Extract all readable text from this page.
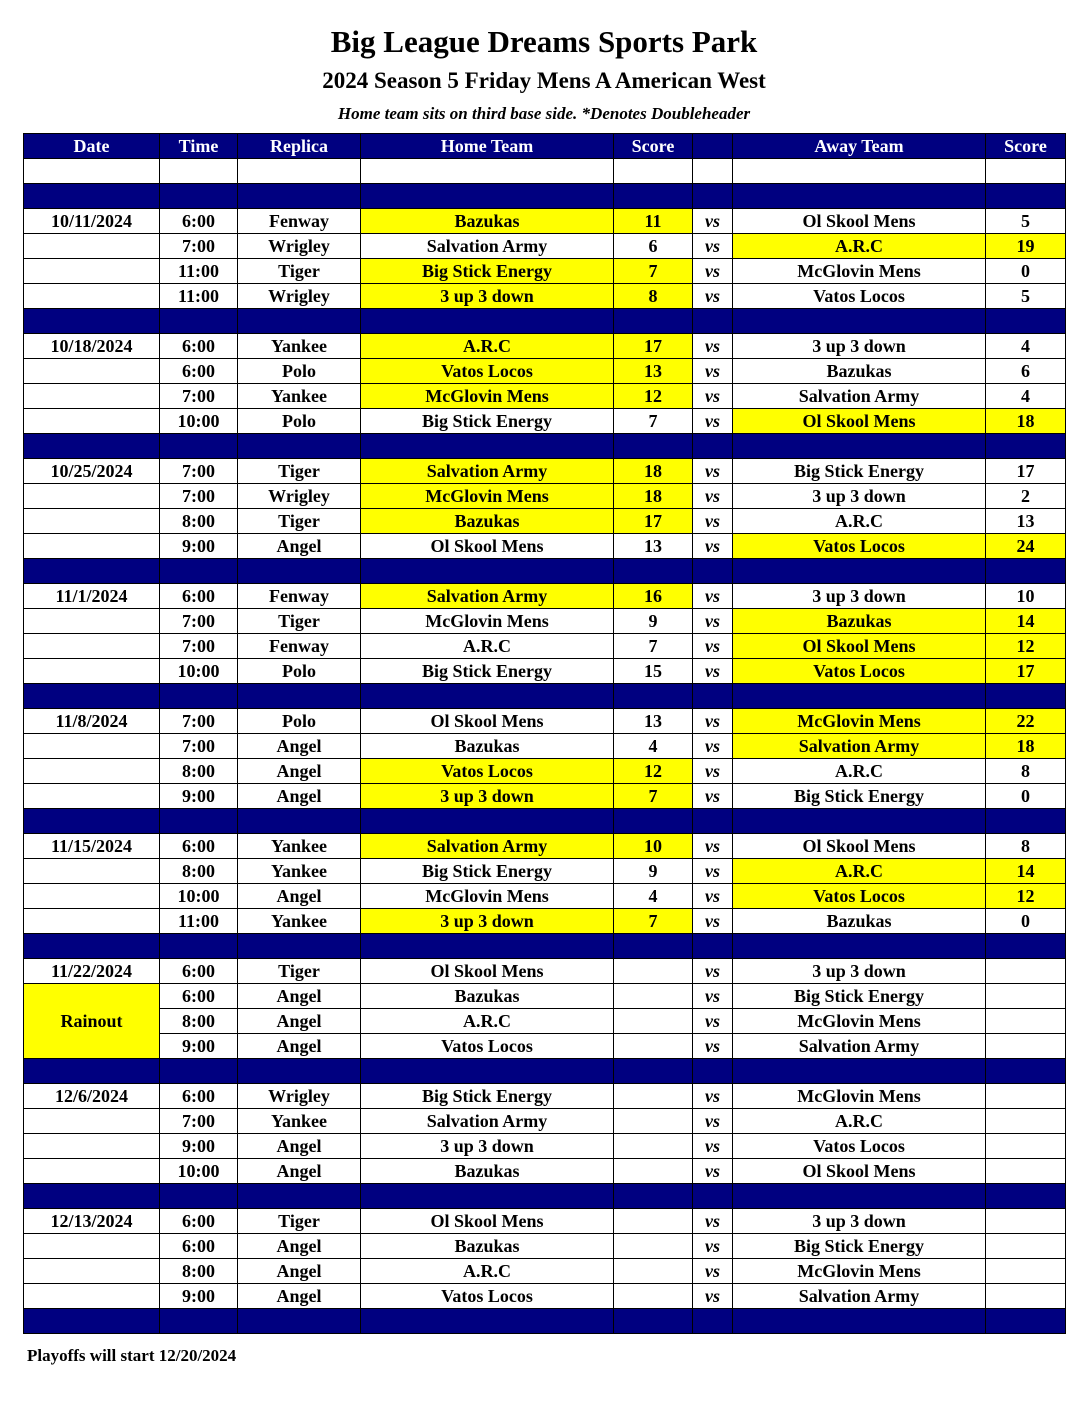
Big League Dreams Sports Park
2024 Season 5 Friday Mens A American West
Home team sits on third base side. *Denotes Doubleheader
Date	Time	Replica	Home Team	Score		Away Team	Score

10/11/2024	6:00	Fenway	Bazukas	11	vs	Ol Skool Mens	5
	7:00	Wrigley	Salvation Army	6	vs	A.R.C	19
	11:00	Tiger	Big Stick Energy	7	vs	McGlovin Mens	0
	11:00	Wrigley	3 up 3 down	8	vs	Vatos Locos	5

10/18/2024	6:00	Yankee	A.R.C	17	vs	3 up 3 down	4
	6:00	Polo	Vatos Locos	13	vs	Bazukas	6
	7:00	Yankee	McGlovin Mens	12	vs	Salvation Army	4
	10:00	Polo	Big Stick Energy	7	vs	Ol Skool Mens	18

10/25/2024	7:00	Tiger	Salvation Army	18	vs	Big Stick Energy	17
	7:00	Wrigley	McGlovin Mens	18	vs	3 up 3 down	2
	8:00	Tiger	Bazukas	17	vs	A.R.C	13
	9:00	Angel	Ol Skool Mens	13	vs	Vatos Locos	24

11/1/2024	6:00	Fenway	Salvation Army	16	vs	3 up 3 down	10
	7:00	Tiger	McGlovin Mens	9	vs	Bazukas	14
	7:00	Fenway	A.R.C	7	vs	Ol Skool Mens	12
	10:00	Polo	Big Stick Energy	15	vs	Vatos Locos	17

11/8/2024	7:00	Polo	Ol Skool Mens	13	vs	McGlovin Mens	22
	7:00	Angel	Bazukas	4	vs	Salvation Army	18
	8:00	Angel	Vatos Locos	12	vs	A.R.C	8
	9:00	Angel	3 up 3 down	7	vs	Big Stick Energy	0

11/15/2024	6:00	Yankee	Salvation Army	10	vs	Ol Skool Mens	8
	8:00	Yankee	Big Stick Energy	9	vs	A.R.C	14
	10:00	Angel	McGlovin Mens	4	vs	Vatos Locos	12
	11:00	Yankee	3 up 3 down	7	vs	Bazukas	0

11/22/2024	6:00	Tiger	Ol Skool Mens		vs	3 up 3 down	
Rainout	6:00	Angel	Bazukas		vs	Big Stick Energy	
	8:00	Angel	A.R.C		vs	McGlovin Mens	
	9:00	Angel	Vatos Locos		vs	Salvation Army	

12/6/2024	6:00	Wrigley	Big Stick Energy		vs	McGlovin Mens	
	7:00	Yankee	Salvation Army		vs	A.R.C	
	9:00	Angel	3 up 3 down		vs	Vatos Locos	
	10:00	Angel	Bazukas		vs	Ol Skool Mens	

12/13/2024	6:00	Tiger	Ol Skool Mens		vs	3 up 3 down	
	6:00	Angel	Bazukas		vs	Big Stick Energy	
	8:00	Angel	A.R.C		vs	McGlovin Mens	
	9:00	Angel	Vatos Locos		vs	Salvation Army	

Playoffs will start 12/20/2024
